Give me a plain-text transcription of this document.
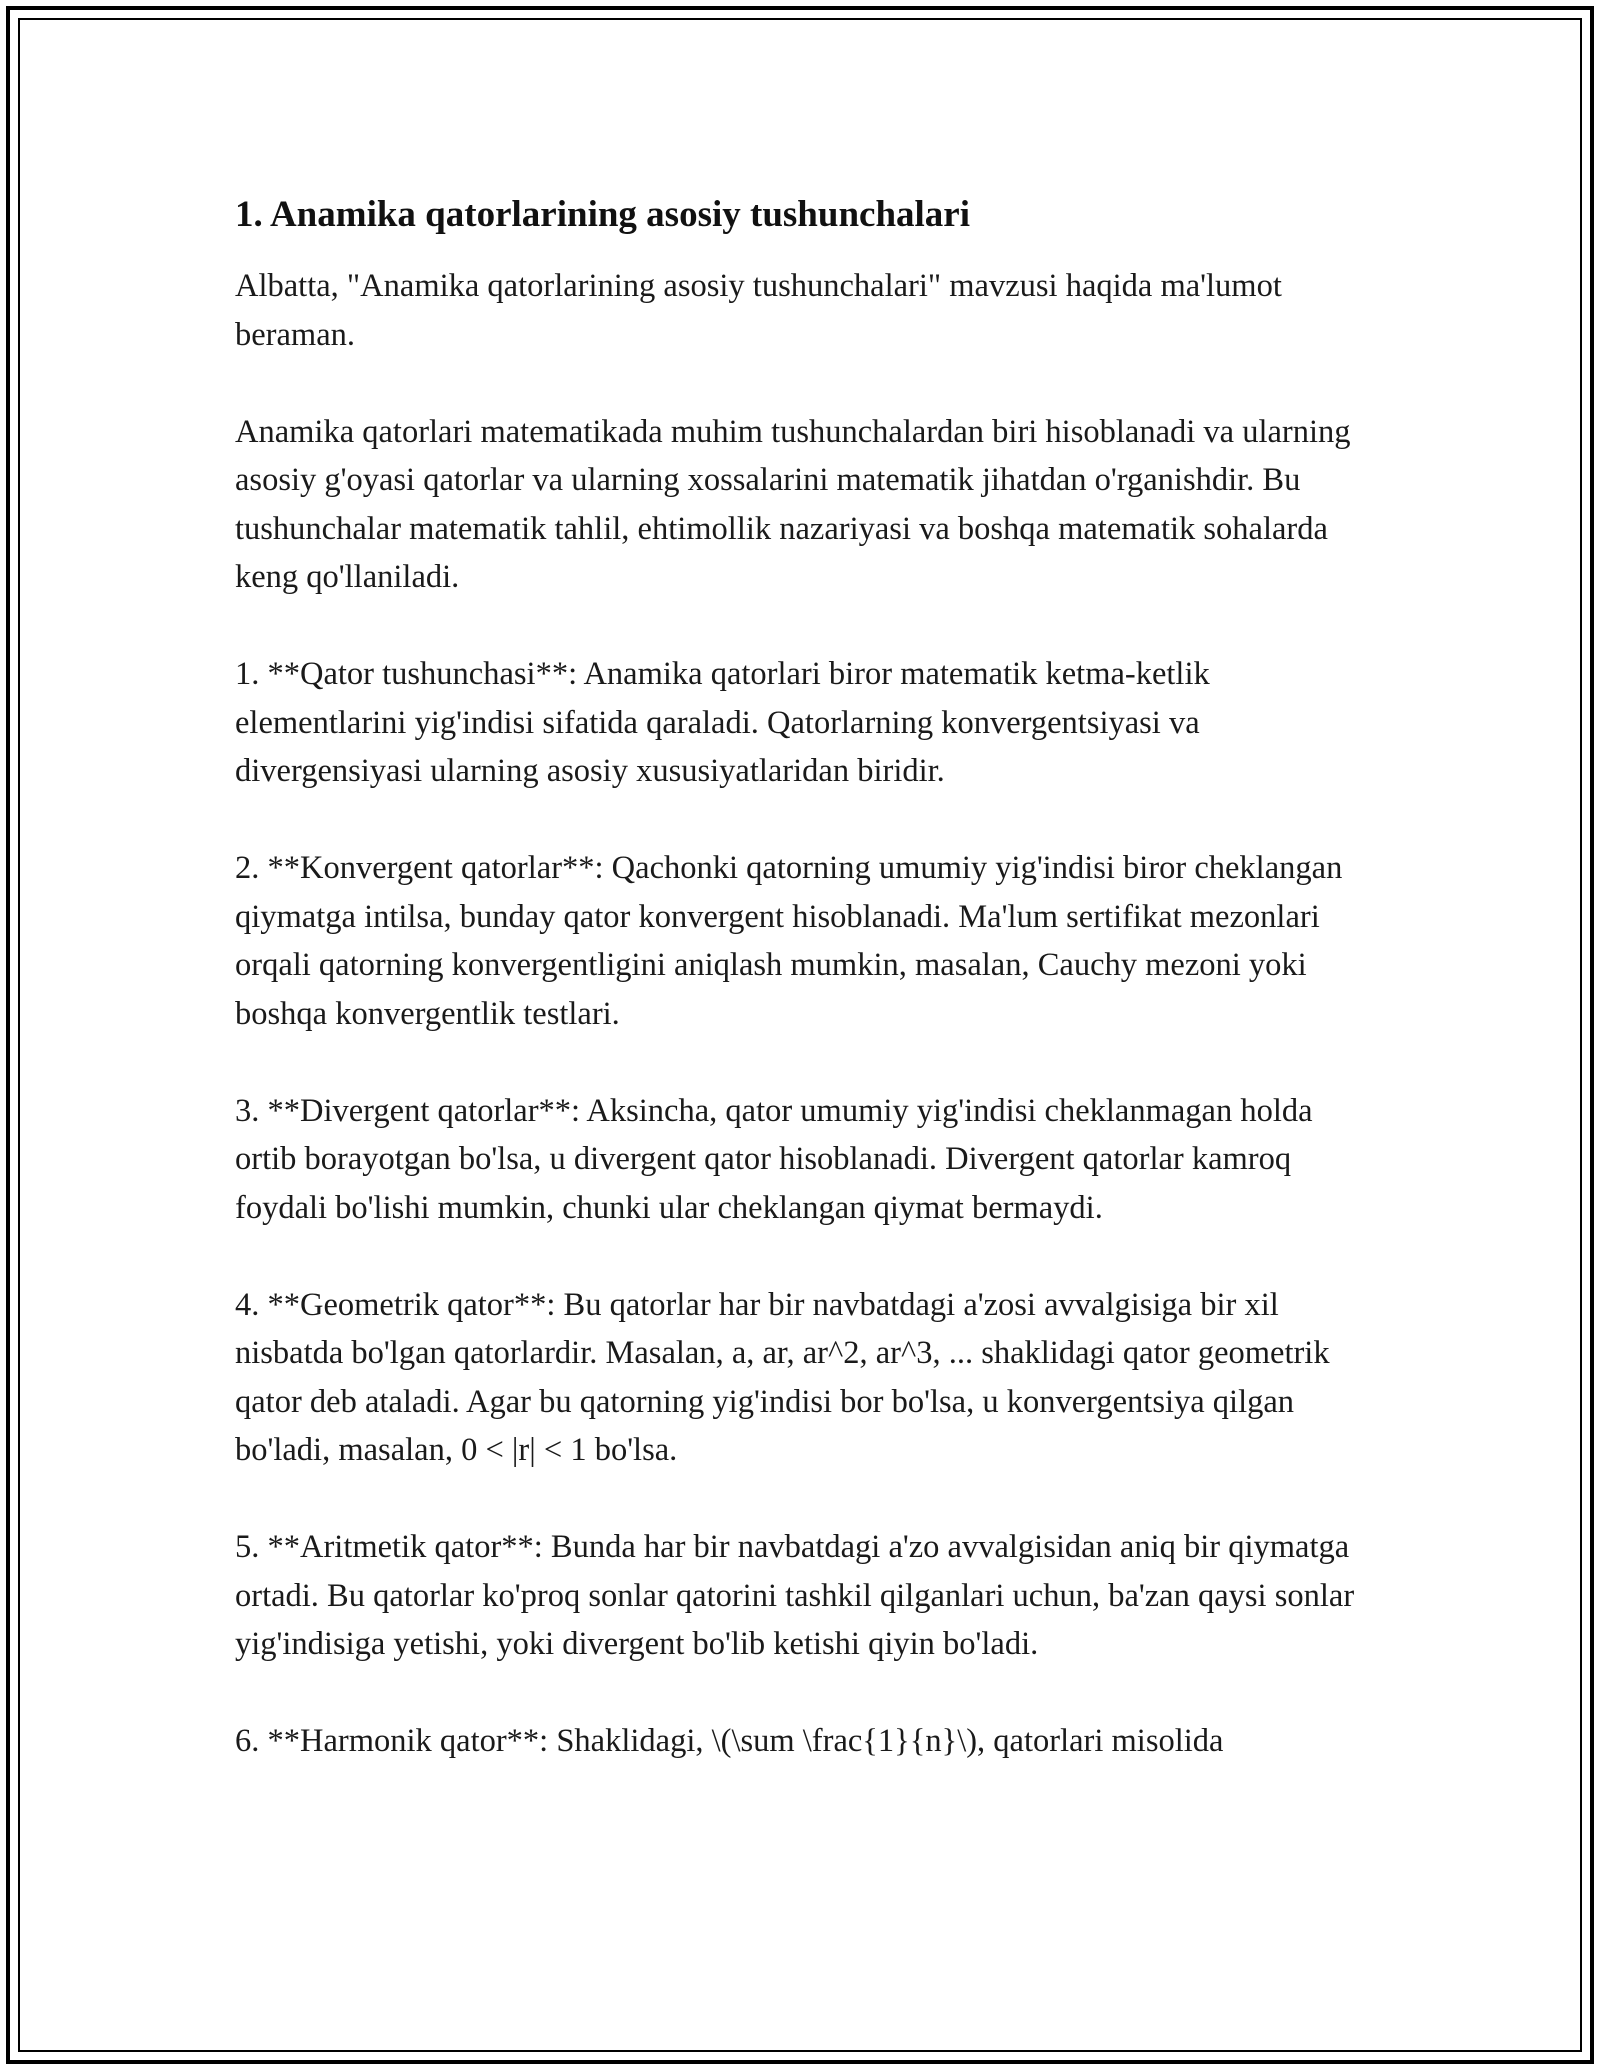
1. Anamika qatorlarining asosiy tushunchalari

Albatta, "Anamika qatorlarining asosiy tushunchalari" mavzusi haqida ma'lumot beraman.

Anamika qatorlari matematikada muhim tushunchalardan biri hisoblanadi va ularning asosiy g'oyasi qatorlar va ularning xossalarini matematik jihatdan o'rganishdir. Bu tushunchalar matematik tahlil, ehtimollik nazariyasi va boshqa matematik sohalarda keng qo'llaniladi.

1. **Qator tushunchasi**: Anamika qatorlari biror matematik ketma-ketlik elementlarini yig'indisi sifatida qaraladi. Qatorlarning konvergentsiyasi va divergensiyasi ularning asosiy xususiyatlaridan biridir.

2. **Konvergent qatorlar**: Qachonki qatorning umumiy yig'indisi biror cheklangan qiymatga intilsa, bunday qator konvergent hisoblanadi. Ma'lum sertifikat mezonlari orqali qatorning konvergentligini aniqlash mumkin, masalan, Cauchy mezoni yoki boshqa konvergentlik testlari.

3. **Divergent qatorlar**: Aksincha, qator umumiy yig'indisi cheklanmagan holda ortib borayotgan bo'lsa, u divergent qator hisoblanadi. Divergent qatorlar kamroq foydali bo'lishi mumkin, chunki ular cheklangan qiymat bermaydi.

4. **Geometrik qator**: Bu qatorlar har bir navbatdagi a'zosi avvalgisiga bir xil nisbatda bo'lgan qatorlardir. Masalan, a, ar, ar^2, ar^3, ... shaklidagi qator geometrik qator deb ataladi. Agar bu qatorning yig'indisi bor bo'lsa, u konvergentsiya qilgan bo'ladi, masalan, 0 < |r| < 1 bo'lsa.

5. **Aritmetik qator**: Bunda har bir navbatdagi a'zo avvalgisidan aniq bir qiymatga ortadi. Bu qatorlar ko'proq sonlar qatorini tashkil qilganlari uchun, ba'zan qaysi sonlar yig'indisiga yetishi, yoki divergent bo'lib ketishi qiyin bo'ladi.

6. **Harmonik qator**: Shaklidagi, \(\sum \frac{1}{n}\), qatorlari misolida
